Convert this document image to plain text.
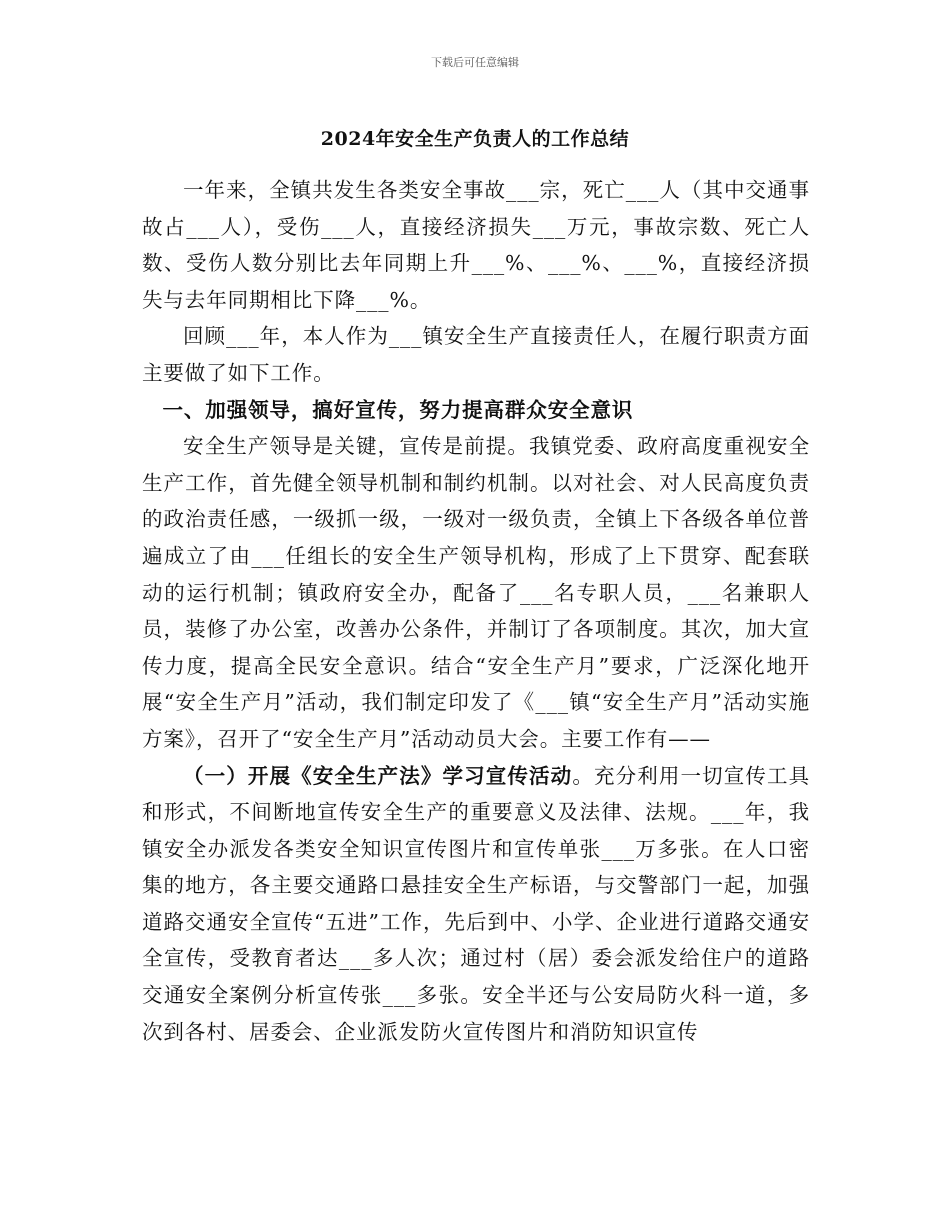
下载后可任意编辑
2024年安全生产负责人的工作总结

一年来，全镇共发生各类安全事故___宗，死亡___人（其中交通事故占___人），受伤___人，直接经济损失___万元，事故宗数、死亡人数、受伤人数分别比去年同期上升___%、___%、___%，直接经济损失与去年同期相比下降___%。

回顾___年，本人作为___镇安全生产直接责任人，在履行职责方面主要做了如下工作。

一、加强领导，搞好宣传，努力提高群众安全意识

安全生产领导是关键，宣传是前提。我镇党委、政府高度重视安全生产工作，首先健全领导机制和制约机制。以对社会、对人民高度负责的政治责任感，一级抓一级，一级对一级负责，全镇上下各级各单位普遍成立了由___任组长的安全生产领导机构，形成了上下贯穿、配套联动的运行机制；镇政府安全办，配备了___名专职人员，___名兼职人员，装修了办公室，改善办公条件，并制订了各项制度。其次，加大宣传力度，提高全民安全意识。结合“安全生产月”要求，广泛深化地开展“安全生产月”活动，我们制定印发了《___镇“安全生产月”活动实施方案》，召开了“安全生产月”活动动员大会。主要工作有——

（一）开展《安全生产法》学习宣传活动。充分利用一切宣传工具和形式，不间断地宣传安全生产的重要意义及法律、法规。___年，我镇安全办派发各类安全知识宣传图片和宣传单张___万多张。在人口密集的地方，各主要交通路口悬挂安全生产标语，与交警部门一起，加强道路交通安全宣传“五进”工作，先后到中、小学、企业进行道路交通安全宣传，受教育者达___多人次；通过村（居）委会派发给住户的道路交通安全案例分析宣传张___多张。安全半还与公安局防火科一道，多次到各村、居委会、企业派发防火宣传图片和消防知识宣传
